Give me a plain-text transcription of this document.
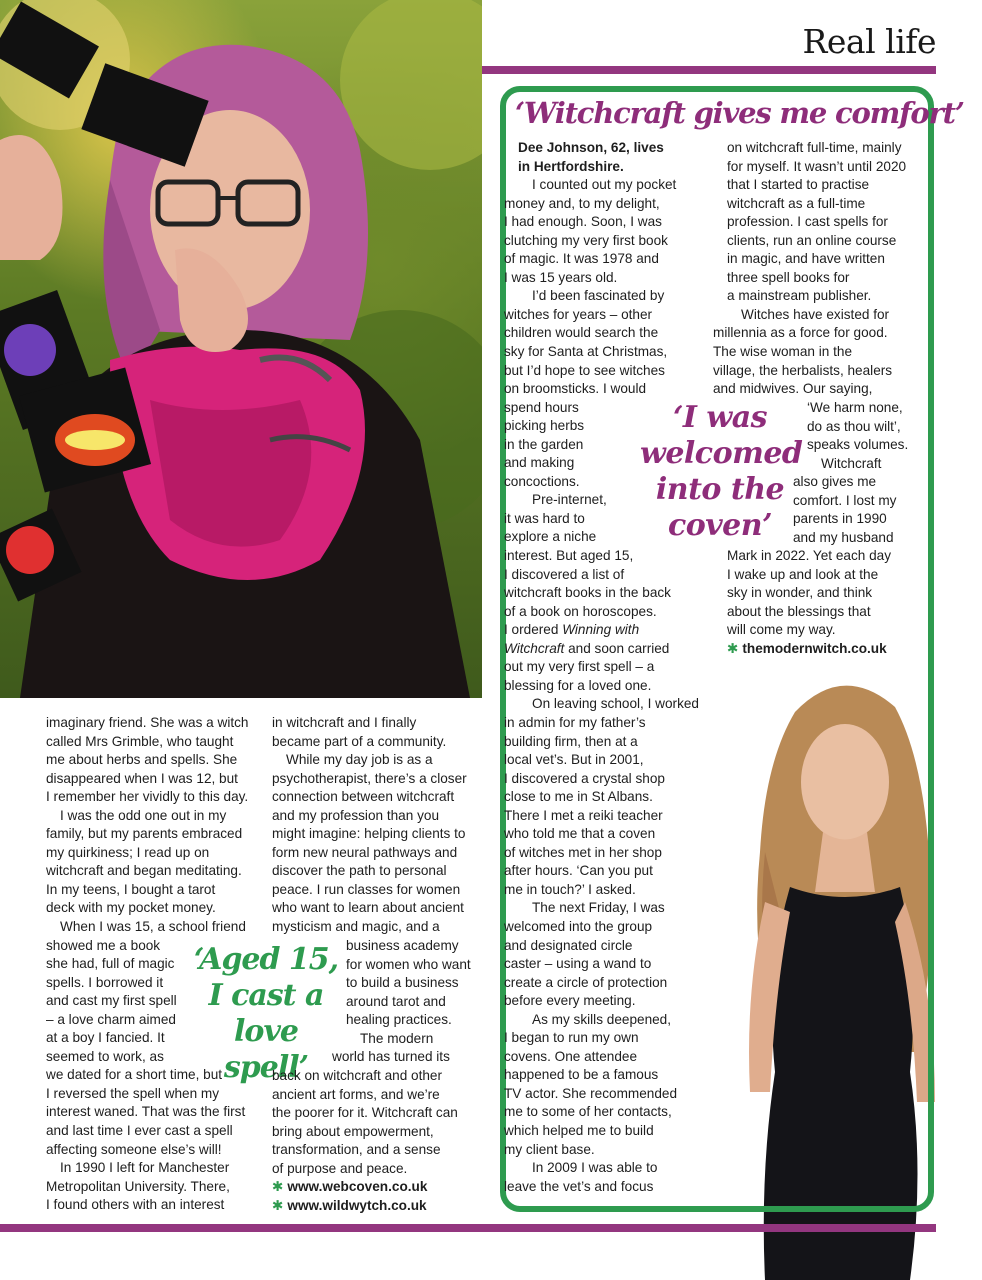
Real life
‘Witchcraft gives me comfort’

imaginary friend. She was a witch
called Mrs Grimble, who taught
me about herbs and spells. She
disappeared when I was 12, but
I remember her vividly to this day.

I was the odd one out in my
family, but my parents embraced
my quirkiness; I read up on
witchcraft and began meditating.
In my teens, I bought a tarot
deck with my pocket money.

When I was 15, a school friend
showed me a book
she had, full of magic
spells. I borrowed it
and cast my first spell
– a love charm aimed
at a boy I fancied. It
seemed to work, as
we dated for a short time, but
I reversed the spell when my
interest waned. That was the first
and last time I ever cast a spell
affecting someone else’s will!

In 1990 I left for Manchester
Metropolitan University. There,
I found others with an interest

‘Aged 15,
I cast a
love spell’

in witchcraft and I finally
became part of a community.

While my day job is as a
psychotherapist, there’s a closer
connection between witchcraft
and my profession than you
might imagine: helping clients to
form new neural pathways and
discover the path to personal
peace. I run classes for women
who want to learn about ancient
mysticism and magic, and a

business academy
for women who want
to build a business
around tarot and
healing practices.

The modern
world has turned its

back on witchcraft and other
ancient art forms, and we’re
the poorer for it. Witchcraft can
bring about empowerment,
transformation, and a sense
of purpose and peace.

✱ www.webcoven.co.uk
✱ www.wildwytch.co.uk

Dee Johnson, 62, lives
in Hertfordshire.

I counted out my pocket
money and, to my delight,
I had enough. Soon, I was
clutching my very first book
of magic. It was 1978 and
I was 15 years old.

I’d been fascinated by
witches for years – other
children would search the
sky for Santa at Christmas,
but I’d hope to see witches
on broomsticks. I would
spend hours
picking herbs
in the garden
and making
concoctions.

Pre-internet,
it was hard to
explore a niche
interest. But aged 15,
I discovered a list of
witchcraft books in the back
of a book on horoscopes.
I ordered Winning with
Witchcraft and soon carried
out my very first spell – a
blessing for a loved one.

On leaving school, I worked
in admin for my father’s
building firm, then at a
local vet’s. But in 2001,
I discovered a crystal shop
close to me in St Albans.
There I met a reiki teacher
who told me that a coven
of witches met in her shop
after hours. ‘Can you put
me in touch?’ I asked.

The next Friday, I was
welcomed into the group
and designated circle
caster – using a wand to
create a circle of protection
before every meeting.

As my skills deepened,
I began to run my own
covens. One attendee
happened to be a famous
TV actor. She recommended
me to some of her contacts,
which helped me to build
my client base.

In 2009 I was able to
leave the vet’s and focus

‘I was
welcomed
into the
coven’

on witchcraft full-time, mainly
for myself. It wasn’t until 2020
that I started to practise
witchcraft as a full-time
profession. I cast spells for
clients, run an online course
in magic, and have written
three spell books for
a mainstream publisher.

Witches have existed for
millennia as a force for good.
The wise woman in the
village, the herbalists, healers
and midwives. Our saying,

‘We harm none,
do as thou wilt’,
speaks volumes.

Witchcraft
also gives me
comfort. I lost my
parents in 1990
and my husband

Mark in 2022. Yet each day
I wake up and look at the
sky in wonder, and think
about the blessings that
will come my way.

✱ themodernwitch.co.uk
